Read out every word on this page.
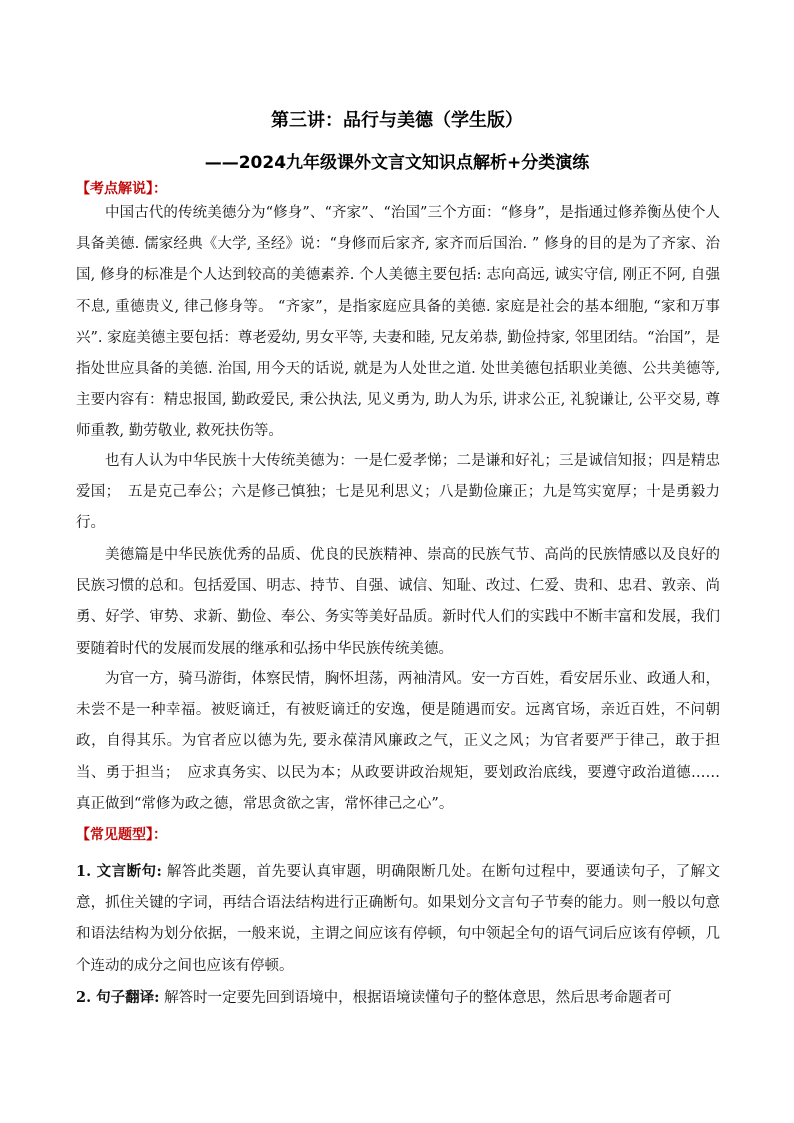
第三讲：品行与美德（学生版）
——2024九年级课外文言文知识点解析+分类演练
【考点解说】：
中国古代的传统美德分为“修身”、“齐家”、“治国”三个方面：“修身”，是指通过修养衡丛使个人具备美德. 儒家经典《大学, 圣经》说：“身修而后家齐, 家齐而后国治. ” 修身的目的是为了齐家、治国, 修身的标准是个人达到较高的美德素养. 个人美德主要包括: 志向高远, 诚实守信, 刚正不阿, 自强不息, 重德贵义, 律己修身等。 “齐家”，是指家庭应具备的美德. 家庭是社会的基本细胞, “家和万事兴”. 家庭美德主要包括：尊老爱幼, 男女平等, 夫妻和睦, 兄友弟恭, 勤俭持家, 邻里团结。“治国”，是指处世应具备的美德. 治国, 用今天的话说, 就是为人处世之道. 处世美德包括职业美德、公共美德等, 主要内容有：精忠报国, 勤政爱民, 秉公执法, 见义勇为, 助人为乐, 讲求公正, 礼貌谦让, 公平交易, 尊师重教, 勤劳敬业, 救死扶伤等。
也有人认为中华民族十大传统美德为：一是仁爱孝悌；二是谦和好礼；三是诚信知报；四是精忠爱国；　五是克己奉公；六是修己慎独；七是见利思义；八是勤俭廉正；九是笃实宽厚；十是勇毅力行。
美德篇是中华民族优秀的品质、优良的民族精神、崇高的民族气节、高尚的民族情感以及良好的民族习惯的总和。包括爱国、明志、持节、自强、诚信、知耻、改过、仁爱、贵和、忠君、敦亲、尚勇、好学、审势、求新、勤俭、奉公、务实等美好品质。新时代人们的实践中不断丰富和发展，我们要随着时代的发展而发展的继承和弘扬中华民族传统美德。
为官一方，骑马游街，体察民情，胸怀坦荡，两袖清风。安一方百姓，看安居乐业、政通人和，未尝不是一种幸福。被贬谪迁，有被贬谪迁的安逸，便是随遇而安。远离官场，亲近百姓，不问朝政，自得其乐。为官者应以德为先, 要永葆清风廉政之气，正义之风；为官者要严于律己，敢于担当、勇于担当；　应求真务实、以民为本；从政要讲政治规矩，要划政治底线，要遵守政治道德……真正做到“常修为政之德，常思贪欲之害，常怀律己之心”。
【常见题型】：
1. 文言断句: 解答此类题，首先要认真审题，明确限断几处。在断句过程中，要通读句子，了解文意，抓住关键的字词，再结合语法结构进行正确断句。如果划分文言句子节奏的能力。则一般以句意和语法结构为划分依据，一般来说，主谓之间应该有停顿，句中领起全句的语气词后应该有停顿，几个连动的成分之间也应该有停顿。
2. 句子翻译: 解答时一定要先回到语境中，根据语境读懂句子的整体意思，然后思考命题者可
